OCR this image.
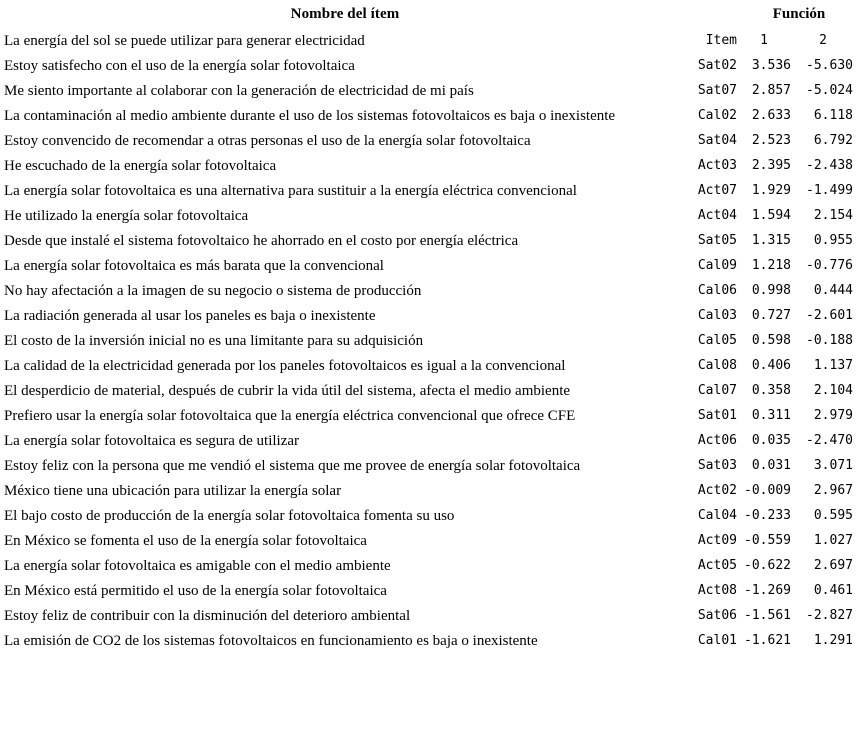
Nombre del ítem	Función
La energía del sol se puede utilizar para generar electricidad	Item	1	2
Estoy satisfecho con el uso de la energía solar fotovoltaica	Sat02	3.536	-5.630
Me siento importante al colaborar con la generación de electricidad de mi país	Sat07	2.857	-5.024
La contaminación al medio ambiente durante el uso de los sistemas fotovoltaicos es baja o inexistente	Cal02	2.633	6.118
Estoy convencido de recomendar a otras personas el uso de la energía solar fotovoltaica	Sat04	2.523	6.792
He escuchado de la energía solar fotovoltaica	Act03	2.395	-2.438
La energía solar fotovoltaica es una alternativa para sustituir a la energía eléctrica convencional	Act07	1.929	-1.499
He utilizado la energía solar fotovoltaica	Act04	1.594	2.154
Desde que instalé el sistema fotovoltaico he ahorrado en el costo por energía eléctrica	Sat05	1.315	0.955
La energía solar fotovoltaica es más barata que la convencional	Cal09	1.218	-0.776
No hay afectación a la imagen de su negocio o sistema de producción	Cal06	0.998	0.444
La radiación generada al usar los paneles es baja o inexistente	Cal03	0.727	-2.601
El costo de la inversión inicial no es una limitante para su adquisición	Cal05	0.598	-0.188
La calidad de la electricidad generada por los paneles fotovoltaicos es igual a la convencional	Cal08	0.406	1.137
El desperdicio de material, después de cubrir la vida útil del sistema, afecta el medio ambiente	Cal07	0.358	2.104
Prefiero usar la energía solar fotovoltaica que la energía eléctrica convencional que ofrece CFE	Sat01	0.311	2.979
La energía solar fotovoltaica es segura de utilizar	Act06	0.035	-2.470
Estoy feliz con la persona que me vendió el sistema que me provee de energía solar fotovoltaica	Sat03	0.031	3.071
México tiene una ubicación para utilizar la energía solar	Act02 -0.009	2.967
El bajo costo de producción de la energía solar fotovoltaica fomenta su uso	Cal04 -0.233	0.595
En México se fomenta el uso de la energía solar fotovoltaica	Act09 -0.559	1.027
La energía solar fotovoltaica es amigable con el medio ambiente	Act05 -0.622	2.697
En México está permitido el uso de la energía solar fotovoltaica	Act08 -1.269	0.461
Estoy feliz de contribuir con la disminución del deterioro ambiental	Sat06 -1.561	-2.827
La emisión de CO2 de los sistemas fotovoltaicos en funcionamiento es baja o inexistente	Cal01 -1.621	1.291
